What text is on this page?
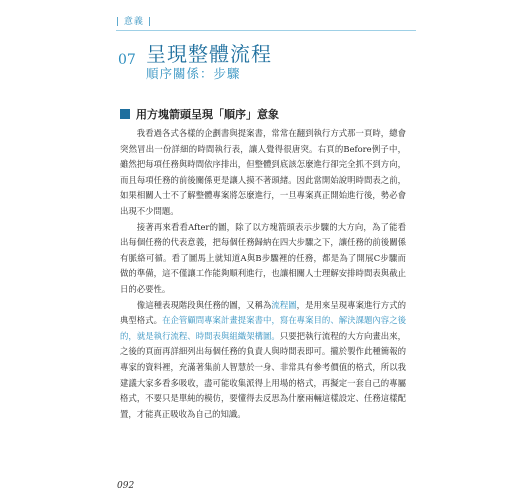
| 意義 |
07 呈現整體流程
順序關係：步驟
用方塊箭頭呈現「順序」意象

我看過各式各樣的企劃書與提案書，常常在翻到執行方式那一頁時，總會突然冒出一份詳細的時間執行表，讓人覺得很唐突。右頁的Before例子中，雖然把每項任務與時間依序排出，但整體到底該怎麼進行卻完全抓不到方向，而且每項任務的前後關係更是讓人摸不著頭緒。因此當開始說明時間表之前，如果相關人士不了解整體專案將怎麼進行，一旦專案真正開始進行後，勢必會出現不少問題。

接著再來看看After的圖，除了以方塊箭頭表示步驟的大方向，為了能看出每個任務的代表意義，把每個任務歸納在四大步驟之下，讓任務的前後關係有脈絡可循。看了圖馬上就知道A與B步驟裡的任務，都是為了開展C步驟而做的準備，這不僅讓工作能夠順利進行，也讓相關人士理解安排時間表與截止日的必要性。

像這種表現階段與任務的圖，又稱為流程圖，是用來呈現專案進行方式的典型格式。在企管顧問專案計畫提案書中，寫在專案目的、解決課題內容之後的，就是執行流程、時間表與組織架構圖。只要把執行流程的大方向畫出來，之後的頁面再詳細列出每個任務的負責人與時間表即可。攏於製作此種簡報的專家的資料裡，充滿著集前人智慧於一身、非常具有參考價值的格式，所以我建議大家多看多吸收，盡可能收集派得上用場的格式，再擬定一套自己的專屬格式，不要只是單純的模仿，要懂得去反思為什麼兩輛這樣設定、任務這樣配置，才能真正吸收為自己的知識。

092
